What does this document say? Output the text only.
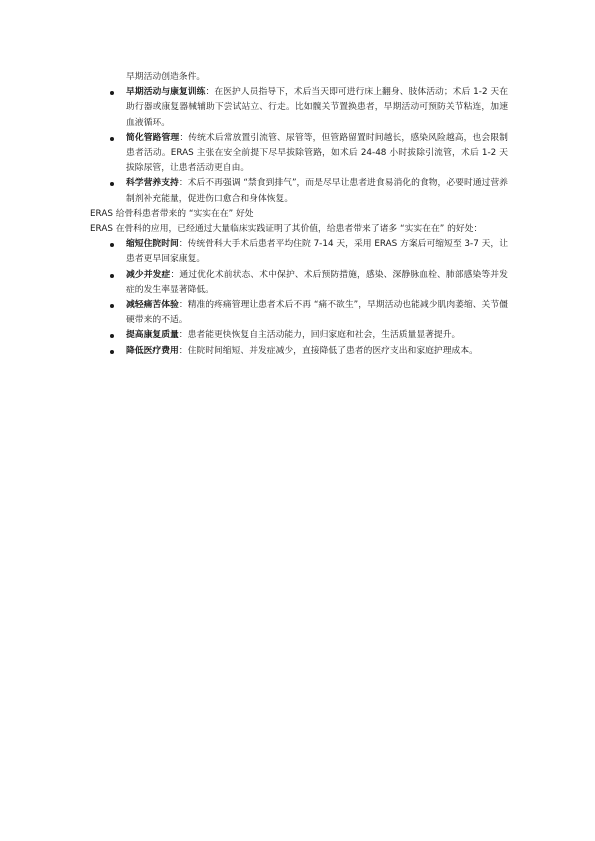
早期活动创造条件。
早期活动与康复训练：在医护人员指导下，术后当天即可进行床上翻身、肢体活动；术后 1-2 天在助行器或康复器械辅助下尝试站立、行走。比如髋关节置换患者，早期活动可预防关节粘连，加速血液循环。
简化管路管理：传统术后常放置引流管、尿管等，但管路留置时间越长，感染风险越高，也会限制患者活动。ERAS 主张在安全前提下尽早拔除管路，如术后 24-48 小时拔除引流管，术后 1-2 天拔除尿管，让患者活动更自由。
科学营养支持：术后不再强调 “禁食到排气”，而是尽早让患者进食易消化的食物，必要时通过营养制剂补充能量，促进伤口愈合和身体恢复。

ERAS 给骨科患者带来的 “实实在在” 好处

ERAS 在骨科的应用，已经通过大量临床实践证明了其价值，给患者带来了诸多 “实实在在” 的好处：

缩短住院时间：传统骨科大手术后患者平均住院 7-14 天，采用 ERAS 方案后可缩短至 3-7 天，让患者更早回家康复。
减少并发症：通过优化术前状态、术中保护、术后预防措施，感染、深静脉血栓、肺部感染等并发症的发生率显著降低。
减轻痛苦体验：精准的疼痛管理让患者术后不再 “痛不欲生”，早期活动也能减少肌肉萎缩、关节僵硬带来的不适。
提高康复质量：患者能更快恢复自主活动能力，回归家庭和社会，生活质量显著提升。
降低医疗费用：住院时间缩短、并发症减少，直接降低了患者的医疗支出和家庭护理成本。
